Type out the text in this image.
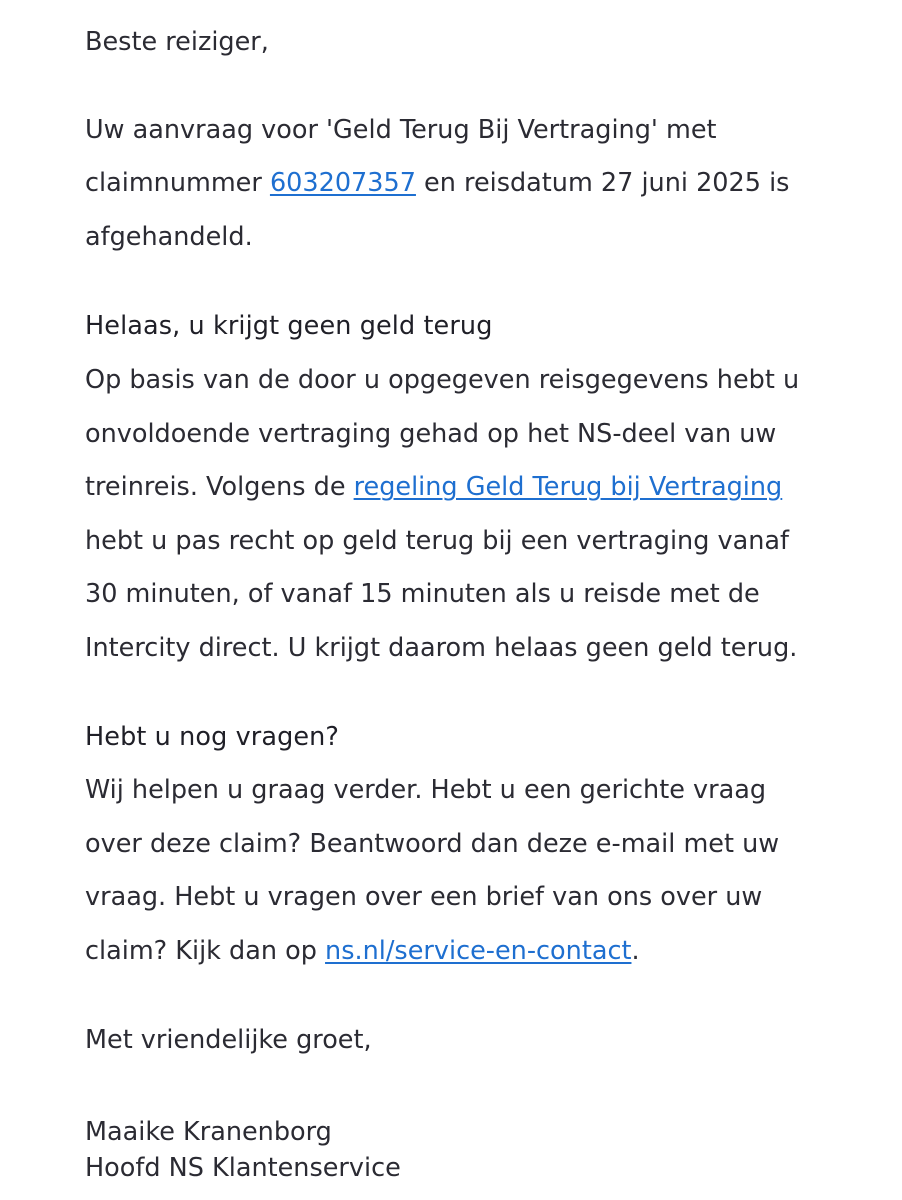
Beste reiziger,
Uw aanvraag voor 'Geld Terug Bij Vertraging' met
claimnummer 603207357 en reisdatum 27 juni 2025 is
afgehandeld.
Helaas, u krijgt geen geld terug
Op basis van de door u opgegeven reisgegevens hebt u
onvoldoende vertraging gehad op het NS-deel van uw
treinreis. Volgens de regeling Geld Terug bij Vertraging
hebt u pas recht op geld terug bij een vertraging vanaf
30 minuten, of vanaf 15 minuten als u reisde met de
Intercity direct. U krijgt daarom helaas geen geld terug.
Hebt u nog vragen?
Wij helpen u graag verder. Hebt u een gerichte vraag
over deze claim? Beantwoord dan deze e-mail met uw
vraag. Hebt u vragen over een brief van ons over uw
claim? Kijk dan op ns.nl/service-en-contact.
Met vriendelijke groet,
Maaike Kranenborg
Hoofd NS Klantenservice
